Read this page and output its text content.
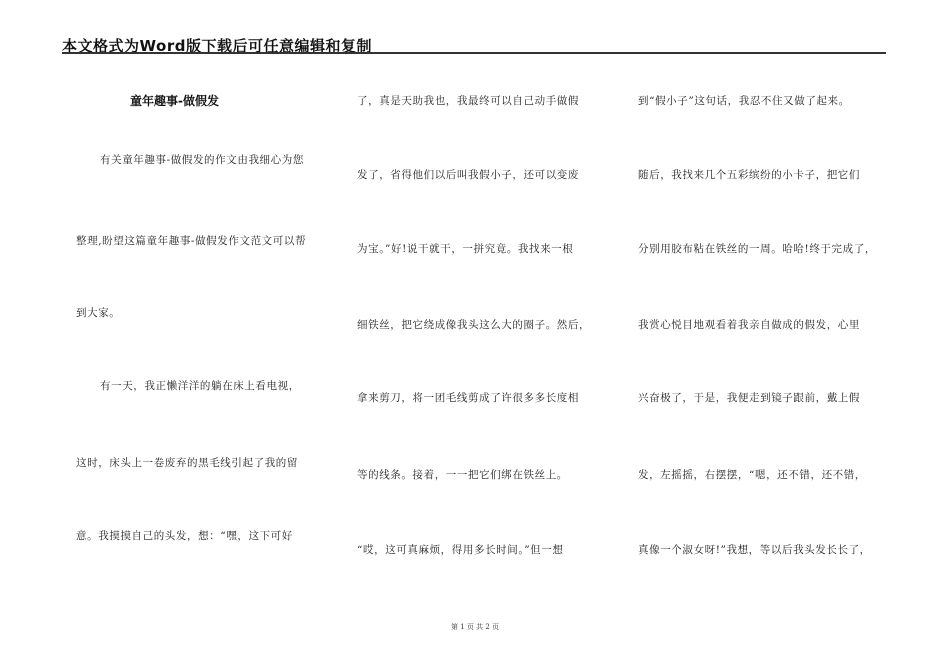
本文格式为Word版下载后可任意编辑和复制
童年趣事-做假发
有关童年趣事-做假发的作文由我细心为您
整理,盼望这篇童年趣事-做假发作文范文可以帮
到大家。
有一天，我正懒洋洋的躺在床上看电视，
这时，床头上一卷废弃的黑毛线引起了我的留
意。我摸摸自己的头发，想：“嘿，这下可好
了，真是天助我也，我最终可以自己动手做假
发了，省得他们以后叫我假小子，还可以变废
为宝。”好!说干就干，一拼究竟。我找来一根
细铁丝，把它绕成像我头这么大的圈子。然后，
拿来剪刀，将一团毛线剪成了许很多多长度相
等的线条。接着，一一把它们绑在铁丝上。
“哎，这可真麻烦，得用多长时间。”但一想
到“假小子”这句话，我忍不住又做了起来。
随后，我找来几个五彩缤纷的小卡子，把它们
分别用胶布粘在铁丝的一周。哈哈!终于完成了，
我赏心悦目地观看着我亲自做成的假发，心里
兴奋极了，于是，我便走到镜子跟前，戴上假
发，左摇摇，右摆摆，“嗯，还不错，还不错，
真像一个淑女呀!”我想，等以后我头发长长了，
第 1 页 共 2 页
